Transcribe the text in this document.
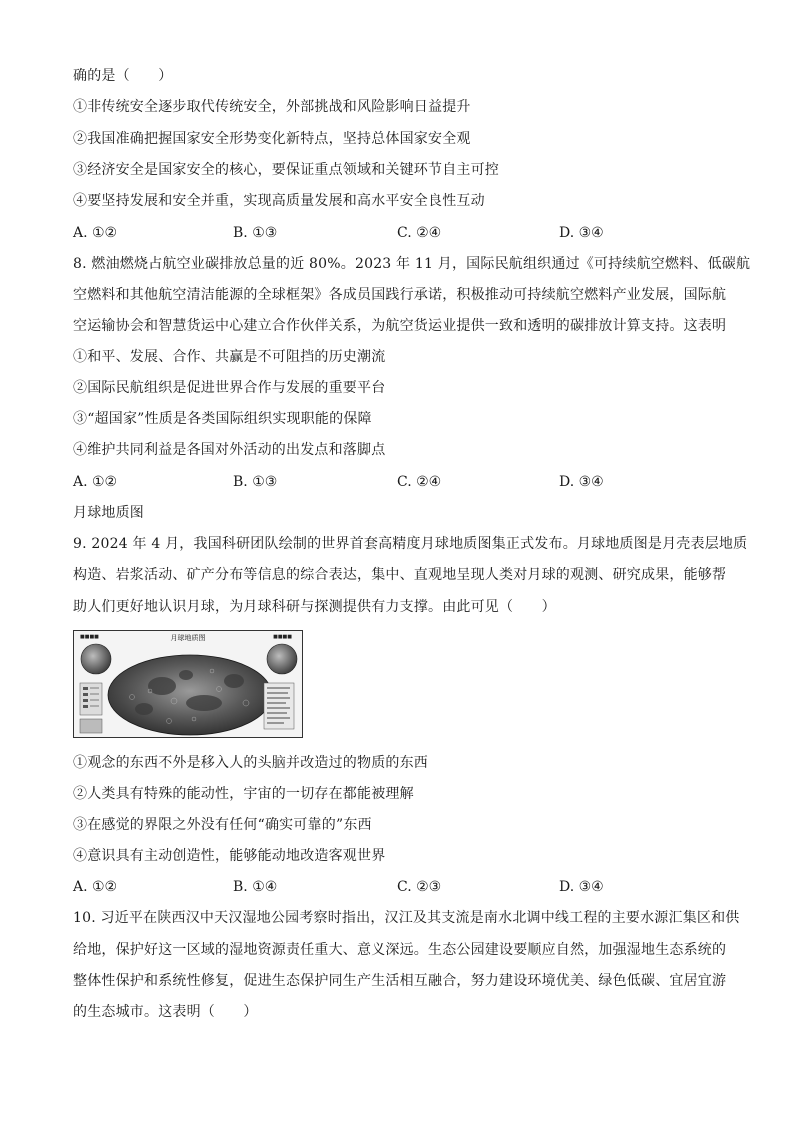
确的是（　　）
①非传统安全逐步取代传统安全，外部挑战和风险影响日益提升
②我国准确把握国家安全形势变化新特点，坚持总体国家安全观
③经济安全是国家安全的核心，要保证重点领域和关键环节自主可控
④要坚持发展和安全并重，实现高质量发展和高水平安全良性互动
A. ①②	B. ①③	C. ②④	D. ③④
8. 燃油燃烧占航空业碳排放总量的近 80%。2023 年 11 月，国际民航组织通过《可持续航空燃料、低碳航
空燃料和其他航空清洁能源的全球框架》各成员国践行承诺，积极推动可持续航空燃料产业发展，国际航
空运输协会和智慧货运中心建立合作伙伴关系，为航空货运业提供一致和透明的碳排放计算支持。这表明
①和平、发展、合作、共赢是不可阻挡的历史潮流
②国际民航组织是促进世界合作与发展的重要平台
③“超国家”性质是各类国际组织实现职能的保障
④维护共同利益是各国对外活动的出发点和落脚点
A. ①②	B. ①③	C. ②④	D. ③④
月球地质图
9. 2024 年 4 月，我国科研团队绘制的世界首套高精度月球地质图集正式发布。月球地质图是月壳表层地质
构造、岩浆活动、矿产分布等信息的综合表达，集中、直观地呈现人类对月球的观测、研究成果，能够帮
助人们更好地认识月球，为月球科研与探测提供有力支撑。由此可见（　　）
月球地质图
■■■■	■■■■
①观念的东西不外是移入人的头脑并改造过的物质的东西
②人类具有特殊的能动性，宇宙的一切存在都能被理解
③在感觉的界限之外没有任何“确实可靠的”东西
④意识具有主动创造性，能够能动地改造客观世界
A. ①②	B. ①④	C. ②③	D. ③④
10. 习近平在陕西汉中天汉湿地公园考察时指出，汉江及其支流是南水北调中线工程的主要水源汇集区和供
给地，保护好这一区域的湿地资源责任重大、意义深远。生态公园建设要顺应自然，加强湿地生态系统的
整体性保护和系统性修复，促进生态保护同生产生活相互融合，努力建设环境优美、绿色低碳、宜居宜游
的生态城市。这表明（　　）
